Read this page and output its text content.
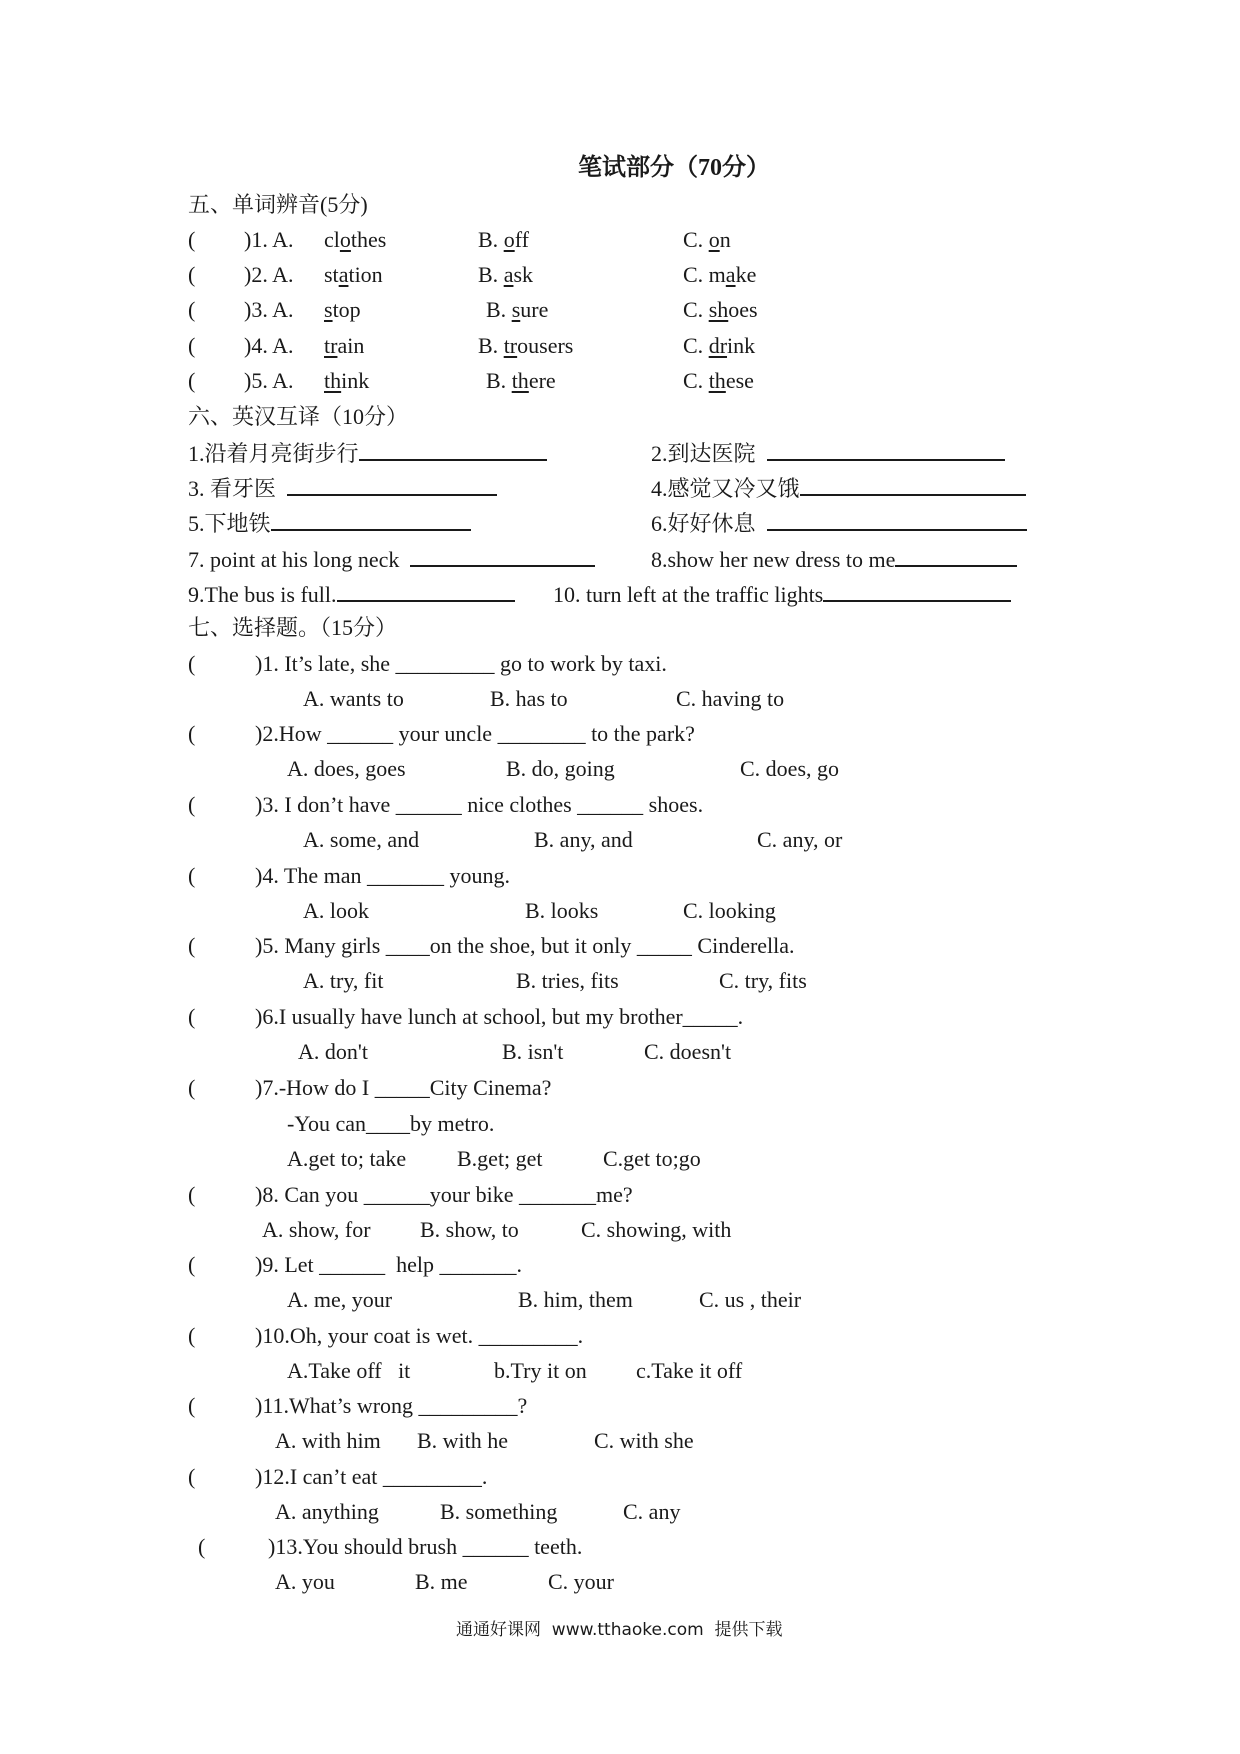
笔试部分（70分）
五、单词辨音(5分)
( )1. A. clothes	B. off	C. on
( )2. A. station	B. ask	C. make
( )3. A. stop	B. sure	C. shoes
( )4. A. train	B. trousers	C. drink
( )5. A. think	B. there	C. these
六、英汉互译（10分）
1.沿着月亮街步行	2.到达医院
3. 看牙医	4.感觉又冷又饿
5.下地铁	6.好好休息
7. point at his long neck	8.show her new dress to me
9.The bus is full.	10. turn left at the traffic lights
七、选择题。（15分）
(	)1. It’s late, she _________ go to work by taxi.
A. wants to	B. has to	C. having to
(	)2.How ______ your uncle ________ to the park?
A. does, goes	B. do, going	C. does, go
(	)3. I don’t have ______ nice clothes ______ shoes.
A. some, and	B. any, and	C. any, or
(	)4. The man _______ young.
A. look	B. looks	C. looking
(	)5. Many girls ____on the shoe, but it only _____ Cinderella.
A. try, fit	B. tries, fits	C. try, fits
(	)6.I usually have lunch at school, but my brother_____.
A. don't	B. isn't	C. doesn't
(	)7.-How do I _____City Cinema?
-You can____by metro.
A.get to; take B.get; get	C.get to;go
(	)8. Can you ______your bike _______me?
A. show, for B. show, to	C. showing, with
(	)9. Let ______  help _______.
A. me, your	B. him, them	C. us , their
(	)10.Oh, your coat is wet. _________.
A.Take off   it	b.Try it on c.Take it off
(	)11.What’s wrong _________?
A. with him B. with he	C. with she
(	)12.I can’t eat _________.
A. anything	B. something	C. any
(	)13.You should brush ______ teeth.
A. you	B. me	C. your
通通好课网  www.tthaoke.com  提供下载
